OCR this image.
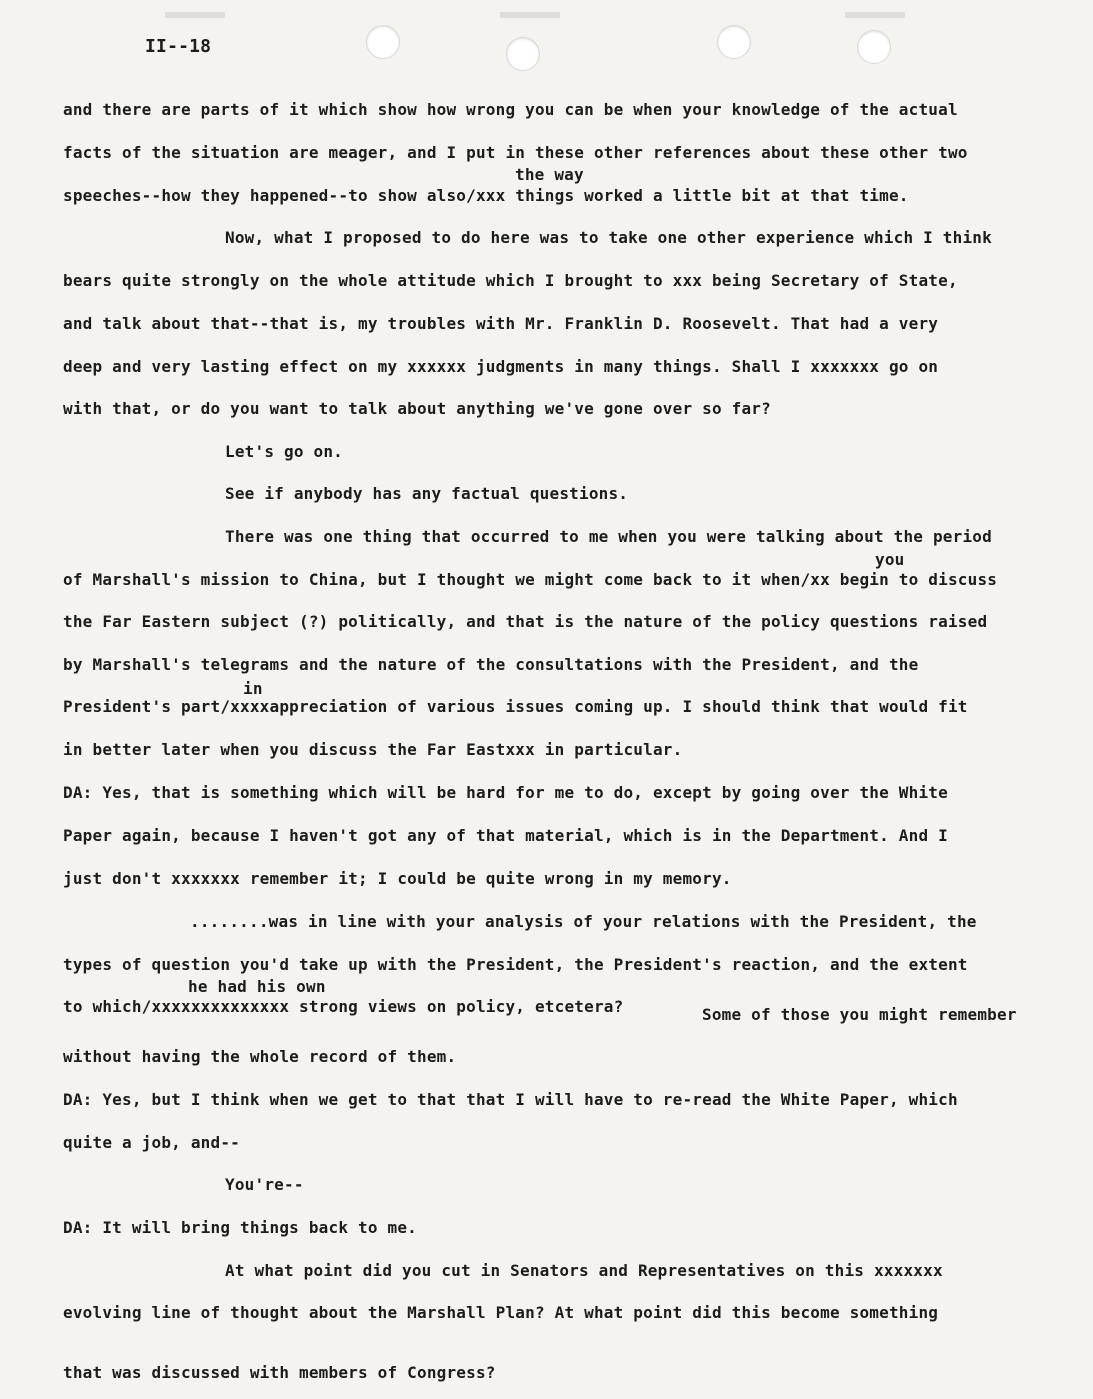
II--18
the way
you
in
he had his own
and there are parts of it which show how wrong you can be when your knowledge of the actual
facts of the situation are meager, and I put in these other references about these other two
speeches--how they happened--to show also/xxx things worked a little bit at that time.
Now, what I proposed to do here was to take one other experience which I think
bears quite strongly on the whole attitude which I brought to xxx being Secretary of State,
and talk about that--that is, my troubles with Mr. Franklin D. Roosevelt. That had a very
deep and very lasting effect on my xxxxxx judgments in many things. Shall I xxxxxxx go on
with that, or do you want to talk about anything we've gone over so far?
Let's go on.
See if anybody has any factual questions.
There was one thing that occurred to me when you were talking about the period
of Marshall's mission to China, but I thought we might come back to it when/xx begin to discuss
the Far Eastern subject (?) politically, and that is the nature of the policy questions raised
by Marshall's telegrams and the nature of the consultations with the President, and the
President's part/xxxxappreciation of various issues coming up. I should think that would fit
in better later when you discuss the Far Eastxxx in particular.
DA: Yes, that is something which will be hard for me to do, except by going over the White
Paper again, because I haven't got any of that material, which is in the Department. And I
just don't xxxxxxx remember it; I could be quite wrong in my memory.
........was in line with your analysis of your relations with the President, the
types of question you'd take up with the President, the President's reaction, and the extent
to which/xxxxxxxxxxxxxx strong views on policy, etcetera?	Some of those you might remember
without having the whole record of them.
DA: Yes, but I think when we get to that that I will have to re-read the White Paper, which
quite a job, and--
You're--
DA: It will bring things back to me.
At what point did you cut in Senators and Representatives on this xxxxxxx
evolving line of thought about the Marshall Plan? At what point did this become something
that was discussed with members of Congress?
